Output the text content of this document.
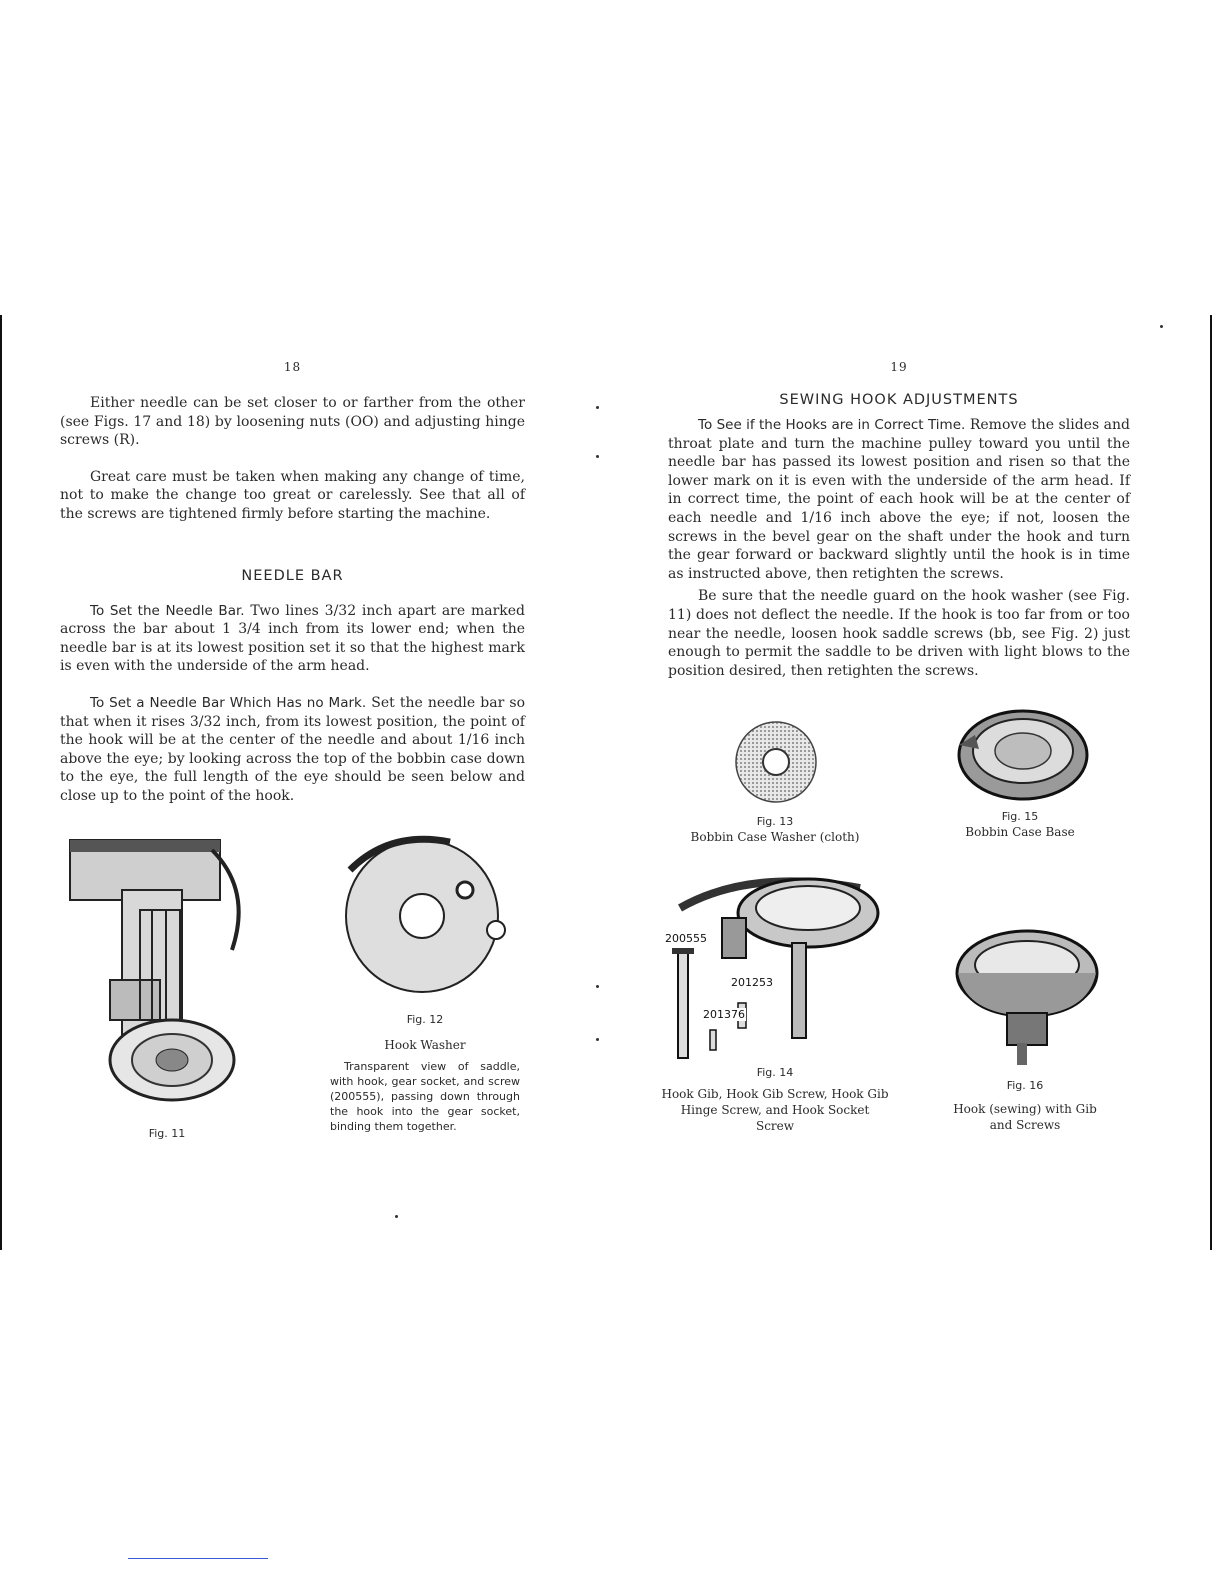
18

Either needle can be set closer to or farther from the other (see Figs. 17 and 18) by loosening nuts (OO) and adjusting hinge screws (R).

Great care must be taken when making any change of time, not to make the change too great or carelessly. See that all of the screws are tightened firmly before starting the machine.

NEEDLE BAR

To Set the Needle Bar. Two lines 3/32 inch apart are marked across the bar about 1 3/4 inch from its lower end; when the needle bar is at its lowest position set it so that the highest mark is even with the underside of the arm head.

To Set a Needle Bar Which Has no Mark. Set the needle bar so that when it rises 3/32 inch, from its lowest position, the point of the hook will be at the center of the needle and about 1/16 inch above the eye; by looking across the top of the bobbin case down to the eye, the full length of the eye should be seen below and close up to the point of the hook.

Fig. 11
Fig. 12
Hook Washer
Transparent view of saddle, with hook, gear socket, and screw (200555), passing down through the hook into the gear socket, binding them together.
19
SEWING HOOK ADJUSTMENTS

To See if the Hooks are in Correct Time. Remove the slides and throat plate and turn the machine pulley toward you until the needle bar has passed its lowest position and risen so that the lower mark on it is even with the underside of the arm head. If in correct time, the point of each hook will be at the center of each needle and 1/16 inch above the eye; if not, loosen the screws in the bevel gear on the shaft under the hook and turn the gear forward or backward slightly until the hook is in time as instructed above, then retighten the screws.

Be sure that the needle guard on the hook washer (see Fig. 11) does not deflect the needle. If the hook is too far from or too near the needle, loosen hook saddle screws (bb, see Fig. 2) just enough to permit the saddle to be driven with light blows to the position desired, then retighten the screws.

Fig. 13
Bobbin Case Washer (cloth)
Fig. 15
Bobbin Case Base
200555
201253
201376
Fig. 14
Hook Gib, Hook Gib Screw, Hook Gib Hinge Screw, and Hook Socket Screw
Fig. 16
Hook (sewing) with Gib and Screws
